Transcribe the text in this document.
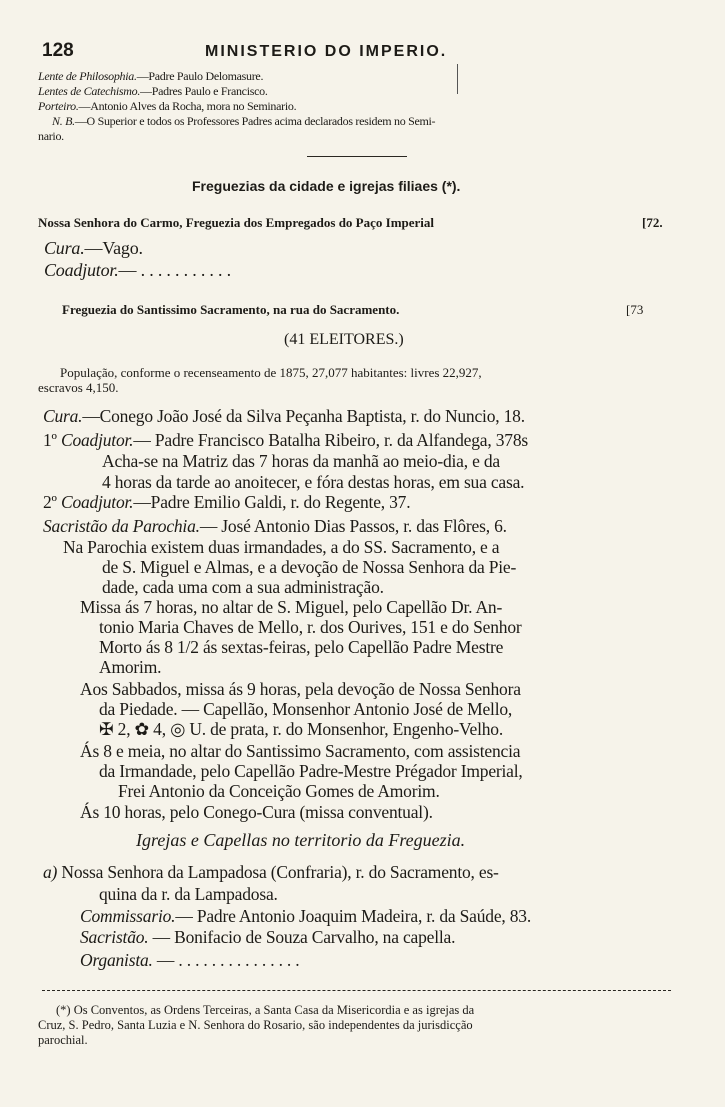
128	MINISTERIO DO IMPERIO.
Lente de Philosophia.—Padre Paulo Delomasure.
Lentes de Catechismo.—Padres Paulo e Francisco.
Porteiro.—Antonio Alves da Rocha, mora no Seminario.
N. B.—O Superior e todos os Professores Padres acima declarados residem no Semi-
nario.
Freguezias da cidade e igrejas filiaes (*).
Nossa Senhora do Carmo, Freguezia dos Empregados do Paço Imperial	[72.
Cura.—Vago.
Coadjutor.— . . . . . . . . . . .
Freguezia do Santissimo Sacramento, na rua do Sacramento.	[73
(41 ELEITORES.)
População, conforme o recenseamento de 1875, 27,077 habitantes: livres 22,927,
escravos 4,150.
Cura.—Conego João José da Silva Peçanha Baptista, r. do Nuncio, 18.
1º Coadjutor.— Padre Francisco Batalha Ribeiro, r. da Alfandega, 378s
Acha-se na Matriz das 7 horas da manhã ao meio-dia, e da
4 horas da tarde ao anoitecer, e fóra destas horas, em sua casa.
2º Coadjutor.—Padre Emilio Galdi, r. do Regente, 37.
Sacristão da Parochia.— José Antonio Dias Passos, r. das Flôres, 6.
Na Parochia existem duas irmandades, a do SS. Sacramento, e a
de S. Miguel e Almas, e a devoção de Nossa Senhora da Pie-
dade, cada uma com a sua administração.
Missa ás 7 horas, no altar de S. Miguel, pelo Capellão Dr. An-
tonio Maria Chaves de Mello, r. dos Ourives, 151 e do Senhor
Morto ás 8 1/2 ás sextas-feiras, pelo Capellão Padre Mestre
Amorim.
Aos Sabbados, missa ás 9 horas, pela devoção de Nossa Senhora
da Piedade. — Capellão, Monsenhor Antonio José de Mello,
✠ 2, ✿ 4, ◎ U. de prata, r. do Monsenhor, Engenho-Velho.
Ás 8 e meia, no altar do Santissimo Sacramento, com assistencia
da Irmandade, pelo Capellão Padre-Mestre Prégador Imperial,
Frei Antonio da Conceição Gomes de Amorim.
Ás 10 horas, pelo Conego-Cura (missa conventual).
Igrejas e Capellas no territorio da Freguezia.
a) Nossa Senhora da Lampadosa (Confraria), r. do Sacramento, es-
quina da r. da Lampadosa.
Commissario.— Padre Antonio Joaquim Madeira, r. da Saúde, 83.
Sacristão. — Bonifacio de Souza Carvalho, na capella.
Organista. — . . . . . . . . . . . . . . .
(*) Os Conventos, as Ordens Terceiras, a Santa Casa da Misericordia e as igrejas da
Cruz, S. Pedro, Santa Luzia e N. Senhora do Rosario, são independentes da jurisdicção
parochial.
